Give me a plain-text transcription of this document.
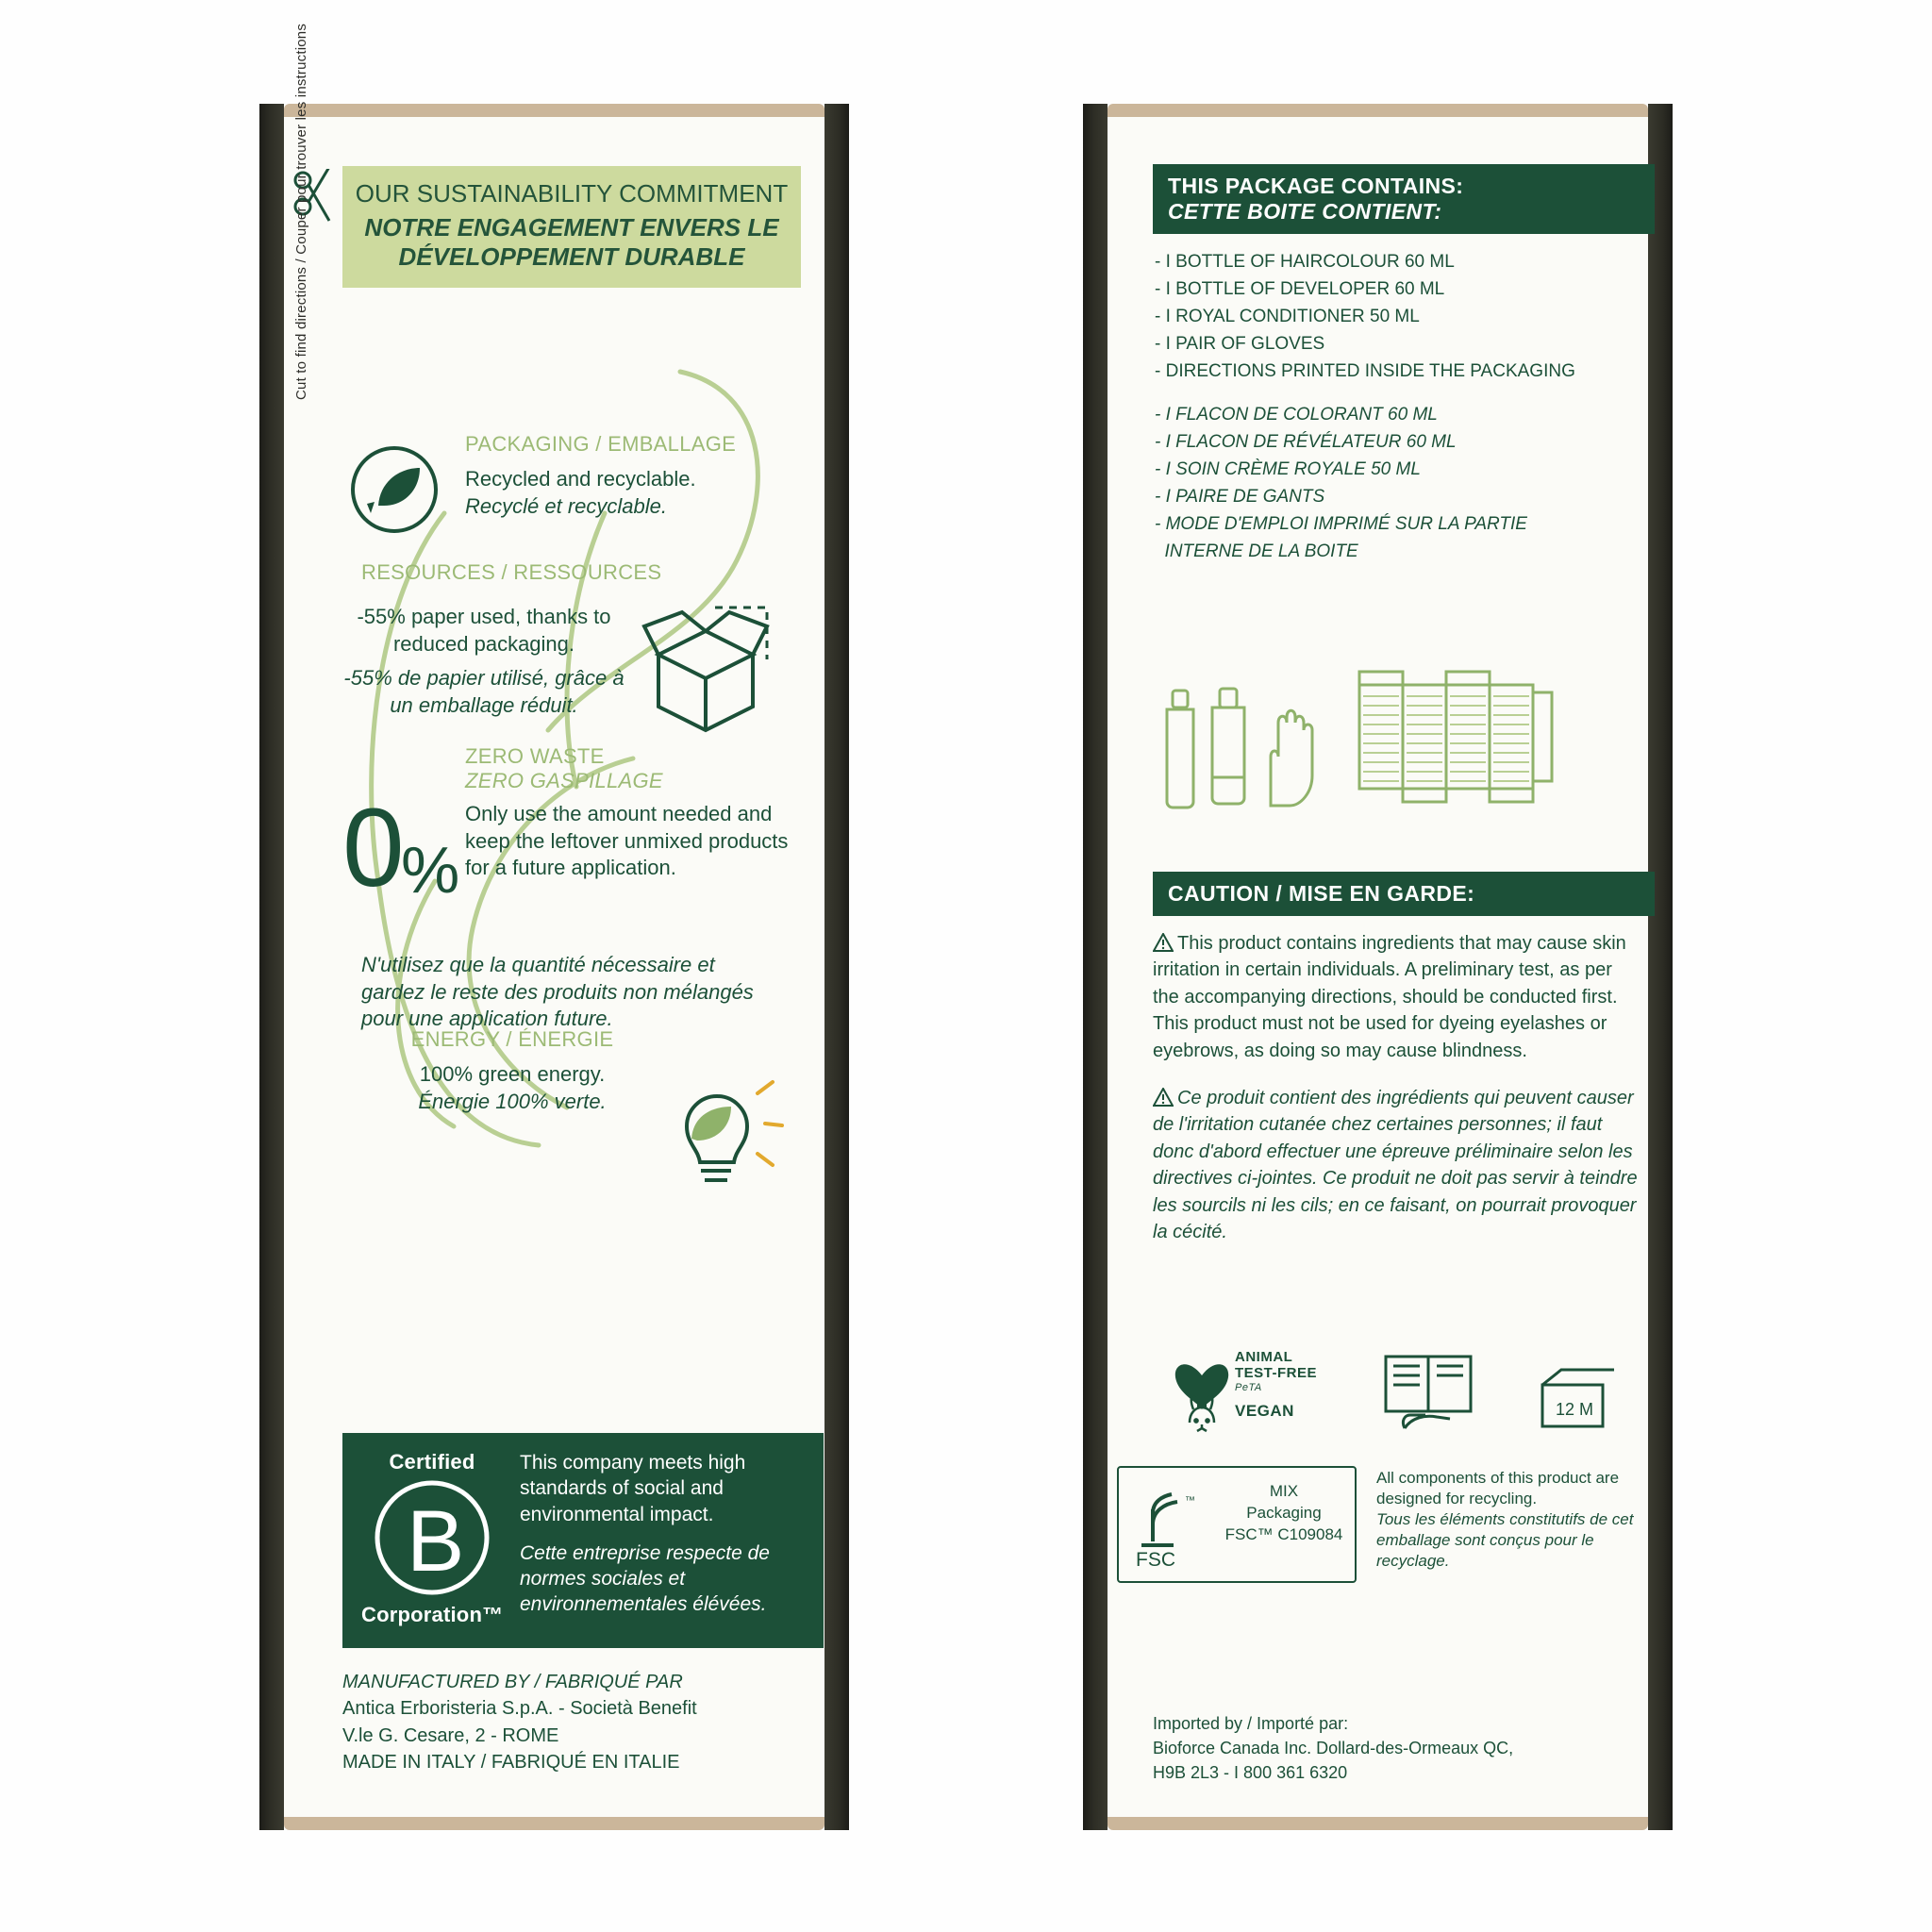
Cut to find directions / Couper pour trouver les instructions OUR SUSTAINABILITY COMMITMENT
NOTRE ENGAGEMENT ENVERS LE DÉVELOPPEMENT DURABLE
PACKAGING / EMBALLAGE
Recycled and recyclable.
Recyclé et recyclable.
RESOURCES / RESSOURCES
-55% paper used, thanks to reduced packaging.
-55% de papier utilisé, grâce à un emballage réduit.
0
%
ZERO WASTE
ZERO GASPILLAGE
Only use the amount needed and keep the leftover unmixed products for a future application.
N'utilisez que la quantité nécessaire et gardez le reste des produits non mélangés pour une application future.
ENERGY / ÉNERGIE
100% green energy.
Énergie 100% verte.
Certified
B
Corporation™
This company meets high standards of social and environmental impact.
Cette entreprise respecte de normes sociales et environnementales élévées.
MANUFACTURED BY / FABRIQUÉ PAR
Antica Erboristeria S.p.A. - Società Benefit
V.le G. Cesare, 2 - ROME
MADE IN ITALY / FABRIQUÉ EN ITALIE
THIS PACKAGE CONTAINS:
CETTE BOITE CONTIENT:
- I BOTTLE OF HAIRCOLOUR 60 ML
- I BOTTLE OF DEVELOPER 60 ML
- I ROYAL CONDITIONER 50 ML
- I PAIR OF GLOVES
- DIRECTIONS PRINTED INSIDE THE PACKAGING
- I FLACON DE COLORANT 60 ML
- I FLACON DE RÉVÉLATEUR 60 ML
- I SOIN CRÈME ROYALE 50 ML
- I PAIRE DE GANTS
- MODE D'EMPLOI IMPRIMÉ SUR LA PARTIE
INTERNE DE LA BOITE
CAUTION / MISE EN GARDE:

This product contains ingredients that may cause skin irritation in certain individuals. A preliminary test, as per the accompanying directions, should be conducted first. This product must not be used for dyeing eyelashes or eyebrows, as doing so may cause blindness.

Ce produit contient des ingrédients qui peuvent causer de l'irritation cutanée chez certaines personnes; il faut donc d'abord effectuer une épreuve préliminaire selon les directives ci-jointes. Ce produit ne doit pas servir à teindre les sourcils ni les cils; en ce faisant, on pourrait provoquer la cécité.

ANIMAL
TEST-FREE
PeTA
VEGAN	12 M
FSC
™
MIX
Packaging
FSC™ C109084
All components of this product are designed for recycling.
Tous les éléments constitutifs de cet emballage sont conçus pour le recyclage.
Imported by / Importé par:
Bioforce Canada Inc. Dollard-des-Ormeaux QC,
H9B 2L3 - I 800 361 6320
